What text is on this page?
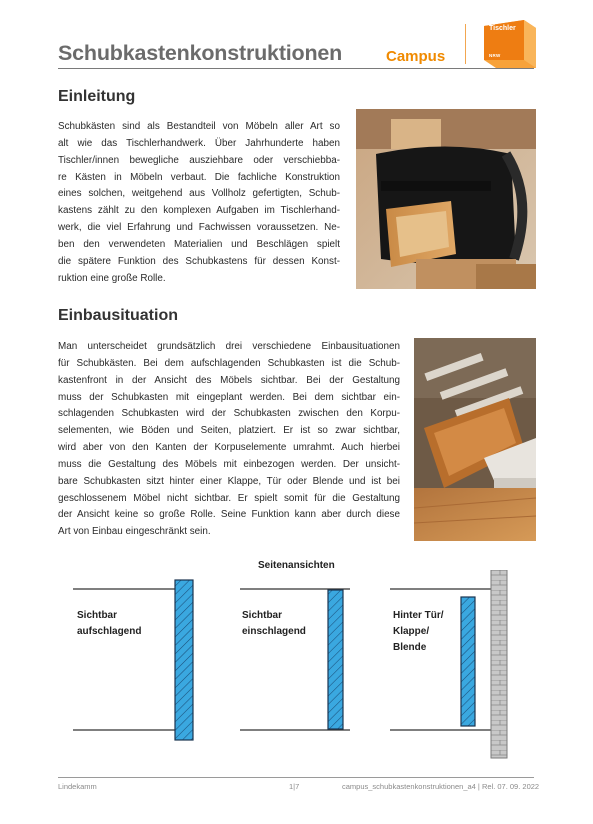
Schubkastenkonstruktionen	Campus
Tischler
NRW
Einleitung
Schubkästen sind als Bestandteil von Möbeln aller Art so
alt wie das Tischlerhandwerk. Über Jahrhunderte haben
Tischler/innen bewegliche ausziehbare oder verschiebba-
re Kästen in Möbeln verbaut. Die fachliche Konstruktion
eines solchen, weitgehend aus Vollholz gefertigten, Schub-
kastens zählt zu den komplexen Aufgaben im Tischlerhand-
werk, die viel Erfahrung und Fachwissen voraussetzen. Ne-
ben den verwendeten Materialien und Beschlägen spielt
die spätere Funktion des Schubkastens für dessen Konst-
ruktion eine große Rolle.
Einbausituation
Man unterscheidet grundsätzlich drei verschiedene Einbausituationen
für Schubkästen. Bei dem aufschlagenden Schubkasten ist die Schub-
kastenfront in der Ansicht des Möbels sichtbar. Bei der Gestaltung
muss der Schubkasten mit eingeplant werden. Bei dem sichtbar ein-
schlagenden Schubkasten wird der Schubkasten zwischen den Korpu-
selementen, wie Böden und Seiten, platziert. Er ist so zwar sichtbar,
wird aber von den Kanten der Korpuselemente umrahmt. Auch hierbei
muss die Gestaltung des Möbels mit einbezogen werden. Der unsicht-
bare Schubkasten sitzt hinter einer Klappe, Tür oder Blende und ist bei
geschlossenem Möbel nicht sichtbar. Er spielt somit für die Gestaltung
der Ansicht keine so große Rolle. Seine Funktion kann aber durch diese
Art von Einbau eingeschränkt sein.
Seitenansichten
Sichtbar
aufschlagend
Sichtbar
einschlagend
Hinter Tür/
Klappe/
Blende
Lindekamm	1|7	campus_schubkastenkonstruktionen_a4 | Rel. 07. 09. 2022
